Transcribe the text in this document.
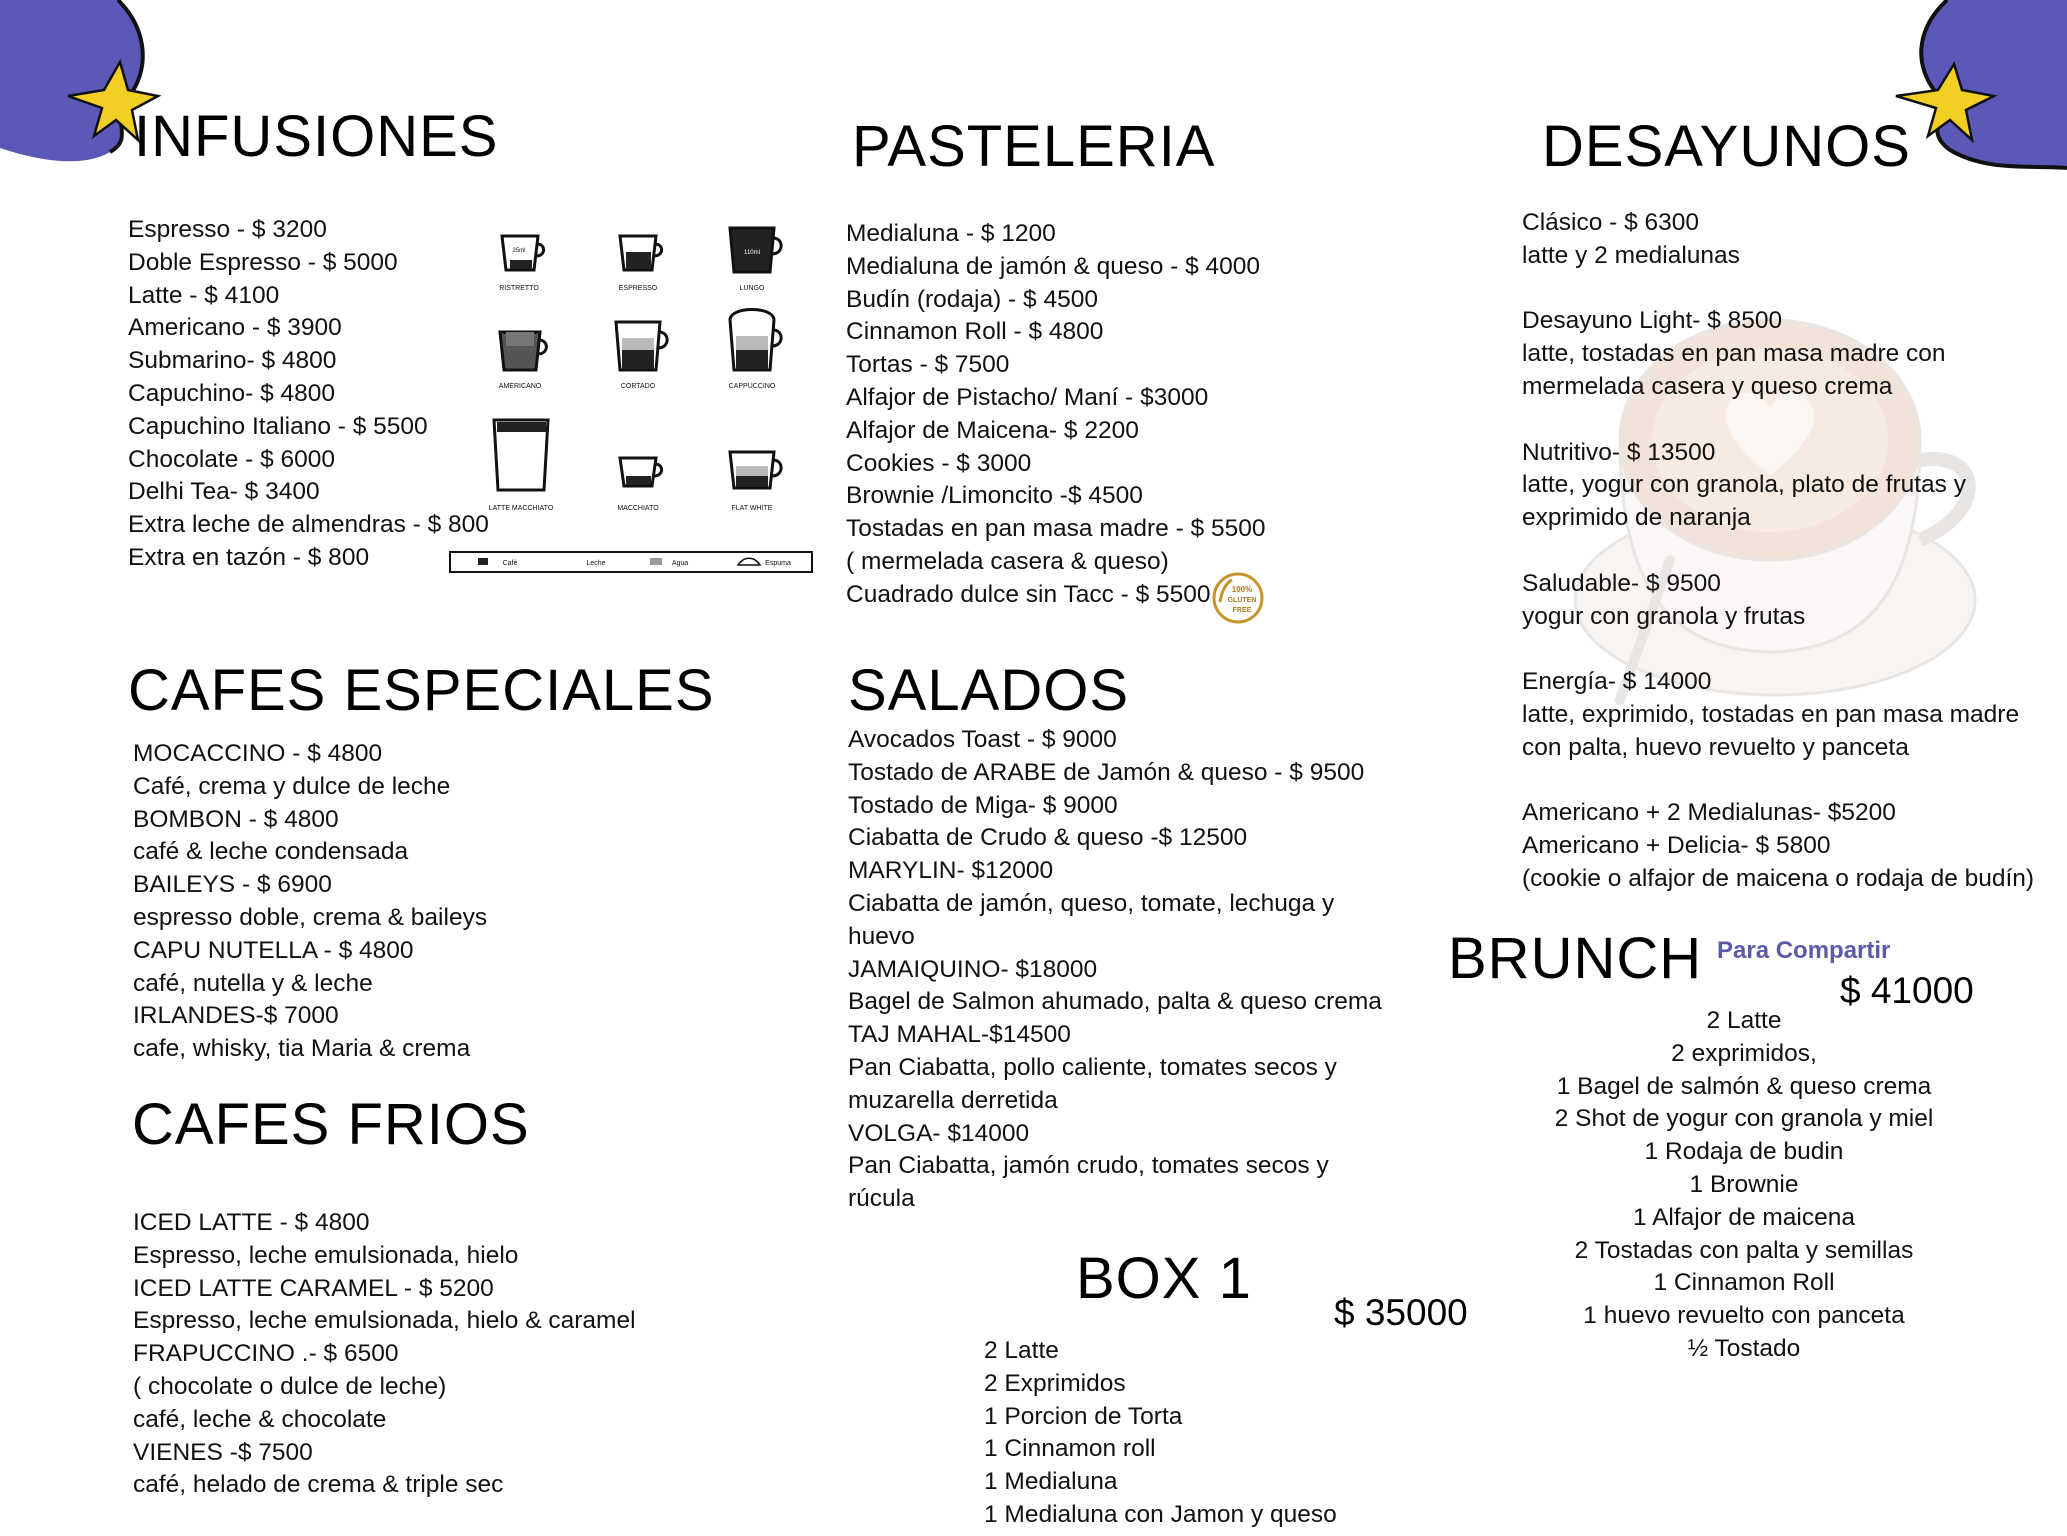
INFUSIONES
Espresso - $ 3200
Doble Espresso - $ 5000
Latte - $ 4100
Americano - $ 3900
Submarino- $ 4800
Capuchino- $ 4800
Capuchino Italiano - $ 5500
Chocolate - $ 6000
Delhi Tea- $ 3400
Extra leche de almendras - $ 800
Extra en tazón - $ 800
25ml
RISTRETTO
40ml
ESPRESSO
110ml
LUNGO
AMERICANO	CORTADO	CAPPUCCINO
LATTE MACCHIATO	MACCHIATO	FLAT WHITE
Café	Leche	Agua	Espuma
PASTELERIA
Medialuna - $ 1200
Medialuna de jamón & queso - $ 4000
Budín (rodaja) - $ 4500
Cinnamon Roll - $ 4800
Tortas - $ 7500
Alfajor de Pistacho/ Maní - $3000
Alfajor de Maicena- $ 2200
Cookies - $ 3000
Brownie /Limoncito -$ 4500
Tostadas en pan masa madre - $ 5500
( mermelada casera & queso)
Cuadrado dulce sin Tacc - $ 5500	100%
GLUTEN
FREE
DESAYUNOS
Clásico - $ 6300
latte y 2 medialunas
Desayuno Light- $ 8500
latte, tostadas en pan masa madre con
mermelada casera y queso crema
Nutritivo- $ 13500
latte, yogur con granola, plato de frutas y
exprimido de naranja
Saludable- $ 9500
yogur con granola y frutas
Energía- $ 14000
latte, exprimido, tostadas en pan masa madre
con palta, huevo revuelto y panceta
Americano + 2 Medialunas- $5200
Americano + Delicia- $ 5800
(cookie o alfajor de maicena o rodaja de budín)
CAFES ESPECIALES
MOCACCINO - $ 4800
Café, crema y dulce de leche
BOMBON - $ 4800
café & leche condensada
BAILEYS - $ 6900
espresso doble, crema & baileys
CAPU NUTELLA - $ 4800
café, nutella y & leche
IRLANDES-$ 7000
cafe, whisky, tia Maria & crema
SALADOS
Avocados Toast - $ 9000
Tostado de ARABE de Jamón & queso - $ 9500
Tostado de Miga- $ 9000
Ciabatta de Crudo & queso -$ 12500
MARYLIN- $12000
Ciabatta de jamón, queso, tomate, lechuga y
huevo
JAMAIQUINO- $18000
Bagel de Salmon ahumado, palta & queso crema
TAJ MAHAL-$14500
Pan Ciabatta, pollo caliente, tomates secos y
muzarella derretida
VOLGA- $14000
Pan Ciabatta, jamón crudo, tomates secos y
rúcula
CAFES FRIOS
ICED LATTE - $ 4800
Espresso, leche emulsionada, hielo
ICED LATTE CARAMEL - $ 5200
Espresso, leche emulsionada, hielo & caramel
FRAPUCCINO .- $ 6500
( chocolate o dulce de leche)
café, leche & chocolate
VIENES -$ 7500
café, helado de crema & triple sec
BOX 1
$ 35000
2 Latte
2 Exprimidos
1 Porcion de Torta
1 Cinnamon roll
1 Medialuna
1 Medialuna con Jamon y queso
BRUNCH Para Compartir
$ 41000
2 Latte
2 exprimidos,
1 Bagel de salmón & queso crema
2 Shot de yogur con granola y miel
1 Rodaja de budin
1 Brownie
1 Alfajor de maicena
2 Tostadas con palta y semillas
1 Cinnamon Roll
1 huevo revuelto con panceta
½ Tostado
